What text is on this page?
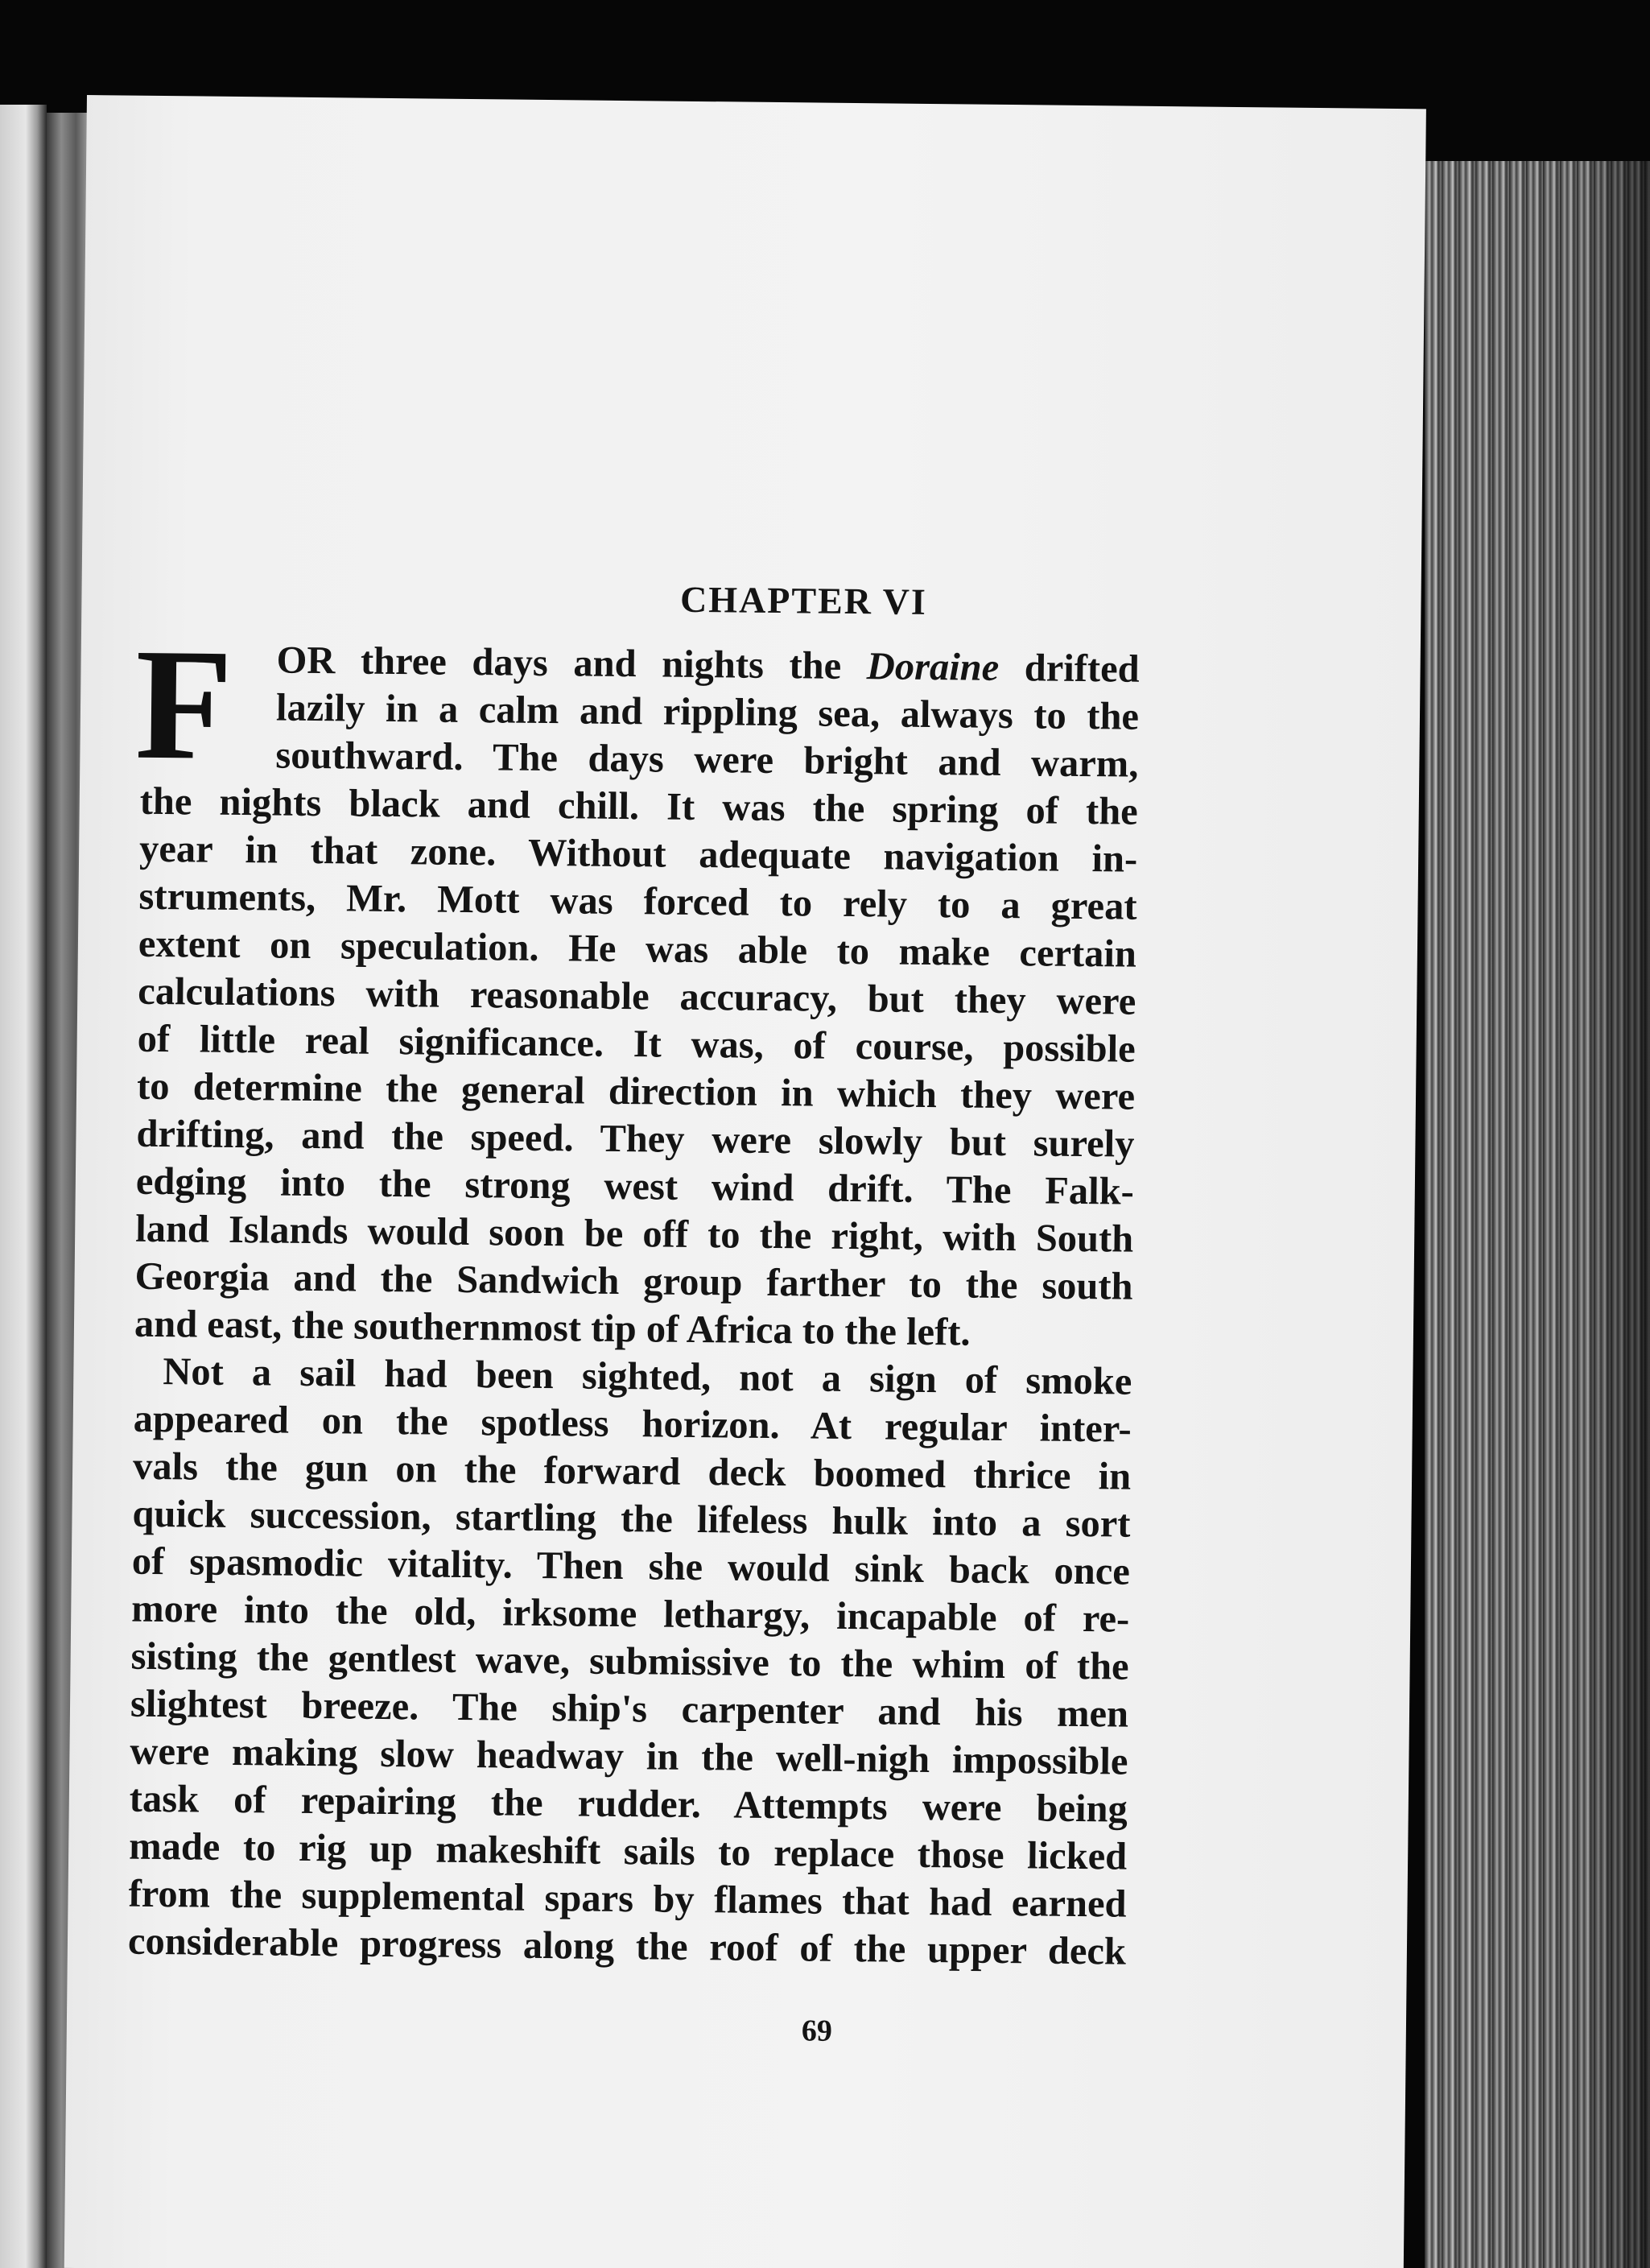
CHAPTER VI
F	OR three days and nights the Doraine drifted
lazily in a calm and rippling sea, always to the
southward. The days were bright and warm,
the nights black and chill. It was the spring of the
year in that zone. Without adequate navigation in-
struments, Mr. Mott was forced to rely to a great
extent on speculation. He was able to make certain
calculations with reasonable accuracy, but they were
of little real significance. It was, of course, possible
to determine the general direction in which they were
drifting, and the speed. They were slowly but surely
edging into the strong west wind drift. The Falk-
land Islands would soon be off to the right, with South
Georgia and the Sandwich group farther to the south
and east, the southernmost tip of Africa to the left.
Not a sail had been sighted, not a sign of smoke
appeared on the spotless horizon. At regular inter-
vals the gun on the forward deck boomed thrice in
quick succession, startling the lifeless hulk into a sort
of spasmodic vitality. Then she would sink back once
more into the old, irksome lethargy, incapable of re-
sisting the gentlest wave, submissive to the whim of the
slightest breeze. The ship's carpenter and his men
were making slow headway in the well-nigh impossible
task of repairing the rudder. Attempts were being
made to rig up makeshift sails to replace those licked
from the supplemental spars by flames that had earned
considerable progress along the roof of the upper deck
69
